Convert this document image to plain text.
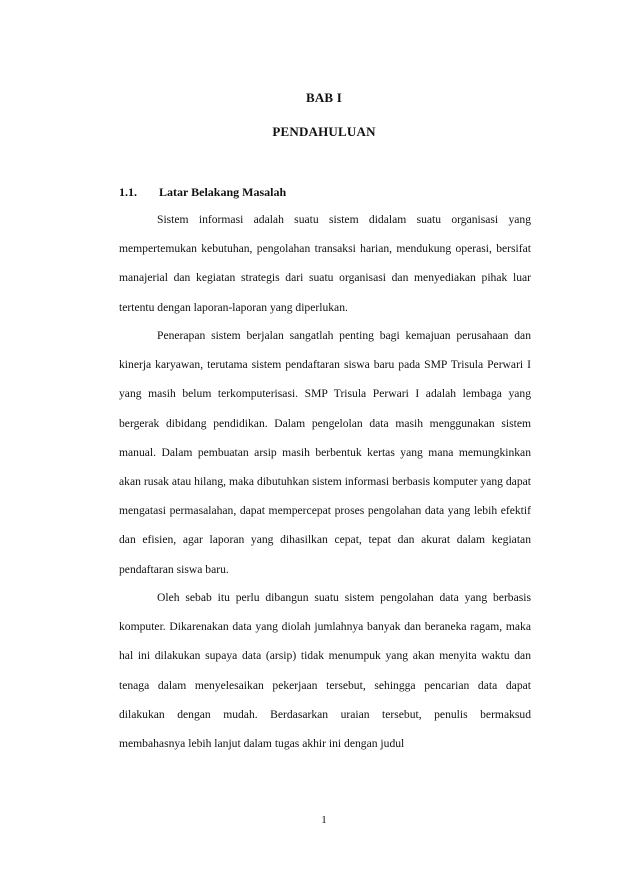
BAB I
PENDAHULUAN
1.1. Latar Belakang Masalah

Sistem informasi adalah suatu sistem didalam suatu organisasi yang mempertemukan kebutuhan, pengolahan transaksi harian, mendukung operasi, bersifat manajerial dan kegiatan strategis dari suatu organisasi dan menyediakan pihak luar tertentu dengan laporan-laporan yang diperlukan.

Penerapan sistem berjalan sangatlah penting bagi kemajuan perusahaan dan kinerja karyawan, terutama sistem pendaftaran siswa baru pada SMP Trisula Perwari I yang masih belum terkomputerisasi. SMP Trisula Perwari I adalah lembaga yang bergerak dibidang pendidikan. Dalam pengelolan data masih menggunakan sistem manual. Dalam pembuatan arsip masih berbentuk kertas yang mana memungkinkan akan rusak atau hilang, maka dibutuhkan sistem informasi berbasis komputer yang dapat mengatasi permasalahan, dapat mempercepat proses pengolahan data yang lebih efektif dan efisien, agar laporan yang dihasilkan cepat, tepat dan akurat dalam kegiatan pendaftaran siswa baru.

Oleh sebab itu perlu dibangun suatu sistem pengolahan data yang berbasis komputer. Dikarenakan data yang diolah jumlahnya banyak dan beraneka ragam, maka hal ini dilakukan supaya data (arsip) tidak menumpuk yang akan menyita waktu dan tenaga dalam menyelesaikan pekerjaan tersebut, sehingga pencarian data dapat dilakukan dengan mudah. Berdasarkan uraian tersebut, penulis bermaksud membahasnya lebih lanjut dalam tugas akhir ini dengan judul

1
